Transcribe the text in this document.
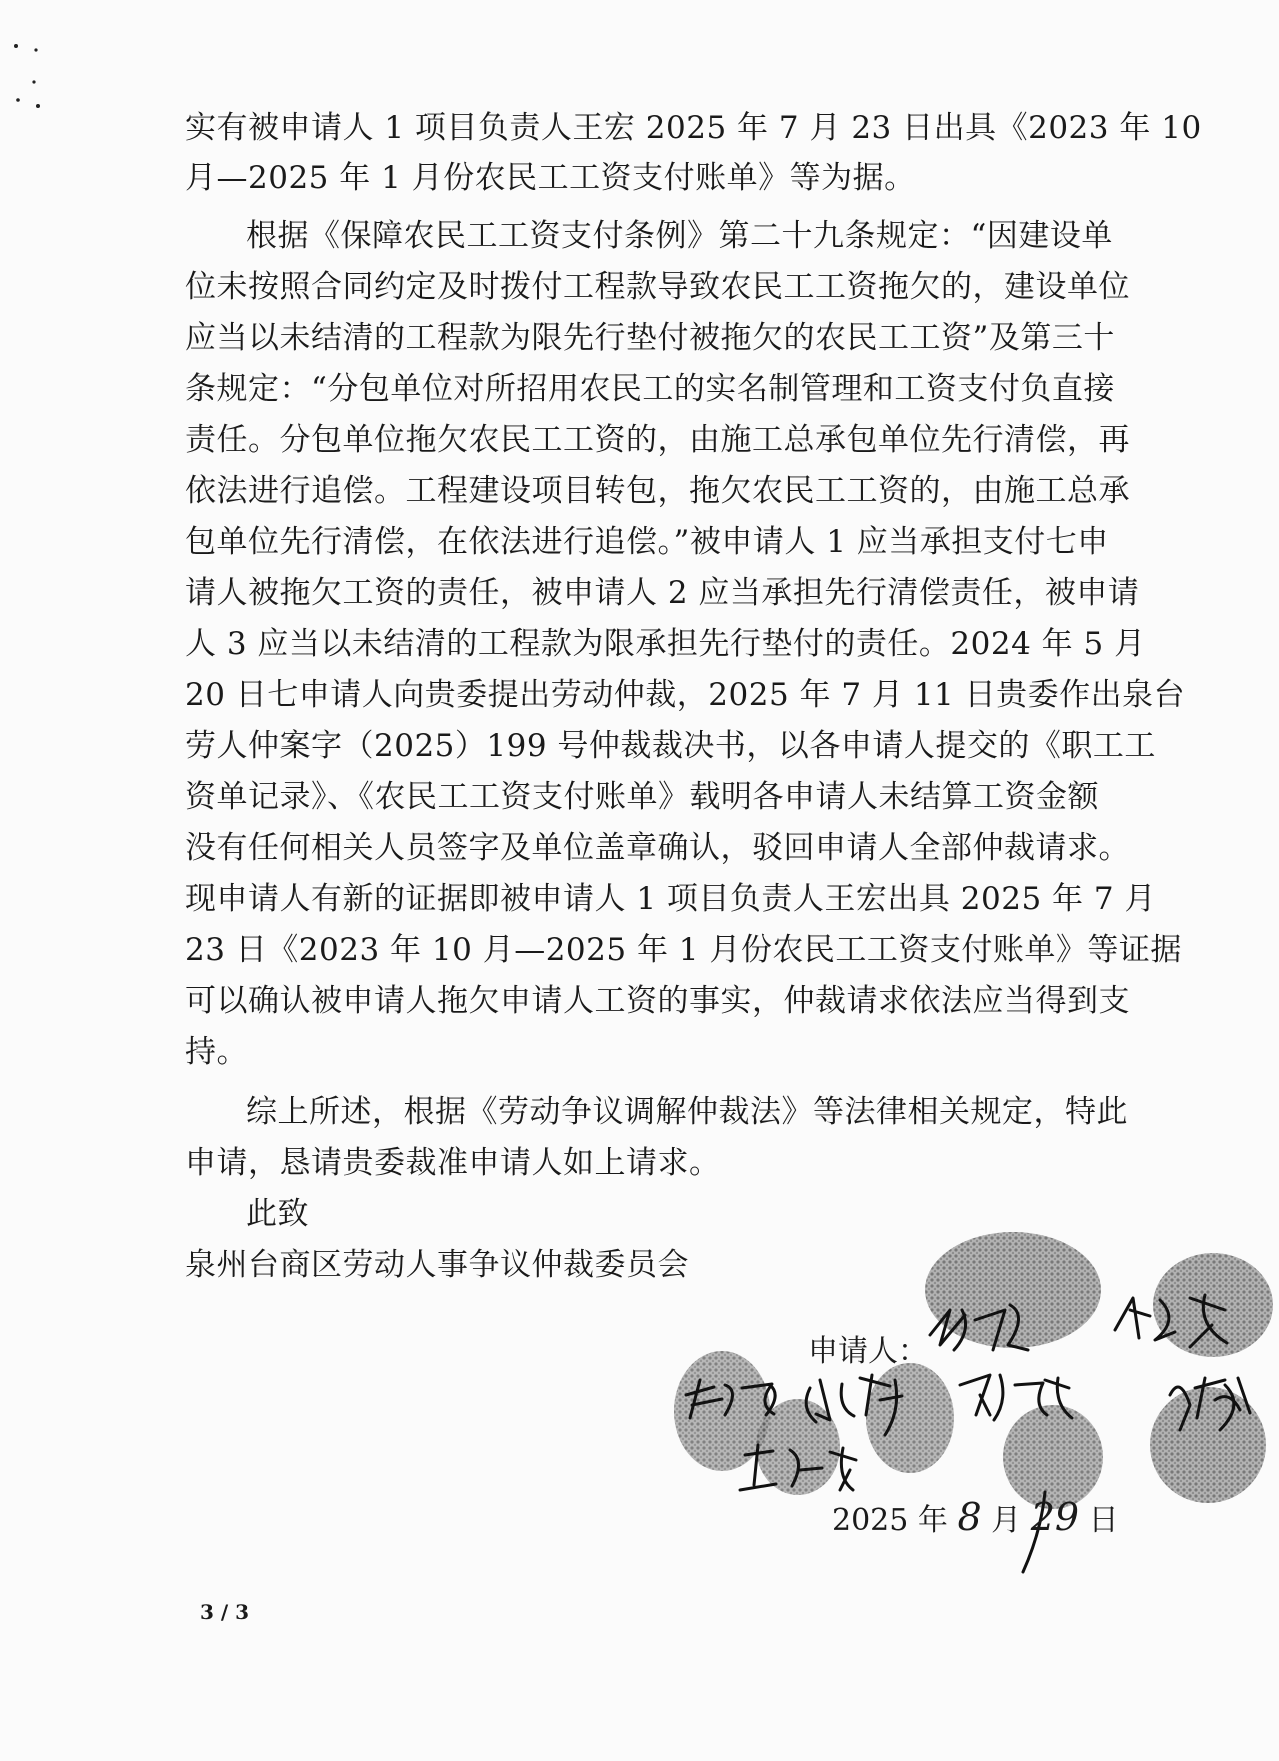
实有被申请人 1 项目负责人王宏 2025 年 7 月 23 日出具《2023 年 10
月—2025 年 1 月份农民工工资支付账单》等为据。
根据《保障农民工工资支付条例》第二十九条规定：“因建设单
位未按照合同约定及时拨付工程款导致农民工工资拖欠的，建设单位
应当以未结清的工程款为限先行垫付被拖欠的农民工工资”及第三十
条规定：“分包单位对所招用农民工的实名制管理和工资支付负直接
责任。分包单位拖欠农民工工资的，由施工总承包单位先行清偿，再
依法进行追偿。工程建设项目转包，拖欠农民工工资的，由施工总承
包单位先行清偿，在依法进行追偿。”被申请人 1 应当承担支付七申
请人被拖欠工资的责任，被申请人 2 应当承担先行清偿责任，被申请
人 3 应当以未结清的工程款为限承担先行垫付的责任。2024 年 5 月
20 日七申请人向贵委提出劳动仲裁，2025 年 7 月 11 日贵委作出泉台
劳人仲案字（2025）199 号仲裁裁决书，以各申请人提交的《职工工
资单记录》、《农民工工资支付账单》载明各申请人未结算工资金额
没有任何相关人员签字及单位盖章确认，驳回申请人全部仲裁请求。
现申请人有新的证据即被申请人 1 项目负责人王宏出具 2025 年 7 月
23 日《2023 年 10 月—2025 年 1 月份农民工工资支付账单》等证据
可以确认被申请人拖欠申请人工资的事实，仲裁请求依法应当得到支
持。
综上所述，根据《劳动争议调解仲裁法》等法律相关规定，特此
申请，恳请贵委裁准申请人如上请求。
此致
泉州台商区劳动人事争议仲裁委员会
申请人：
2025 年 8 月 29 日
3 / 3
